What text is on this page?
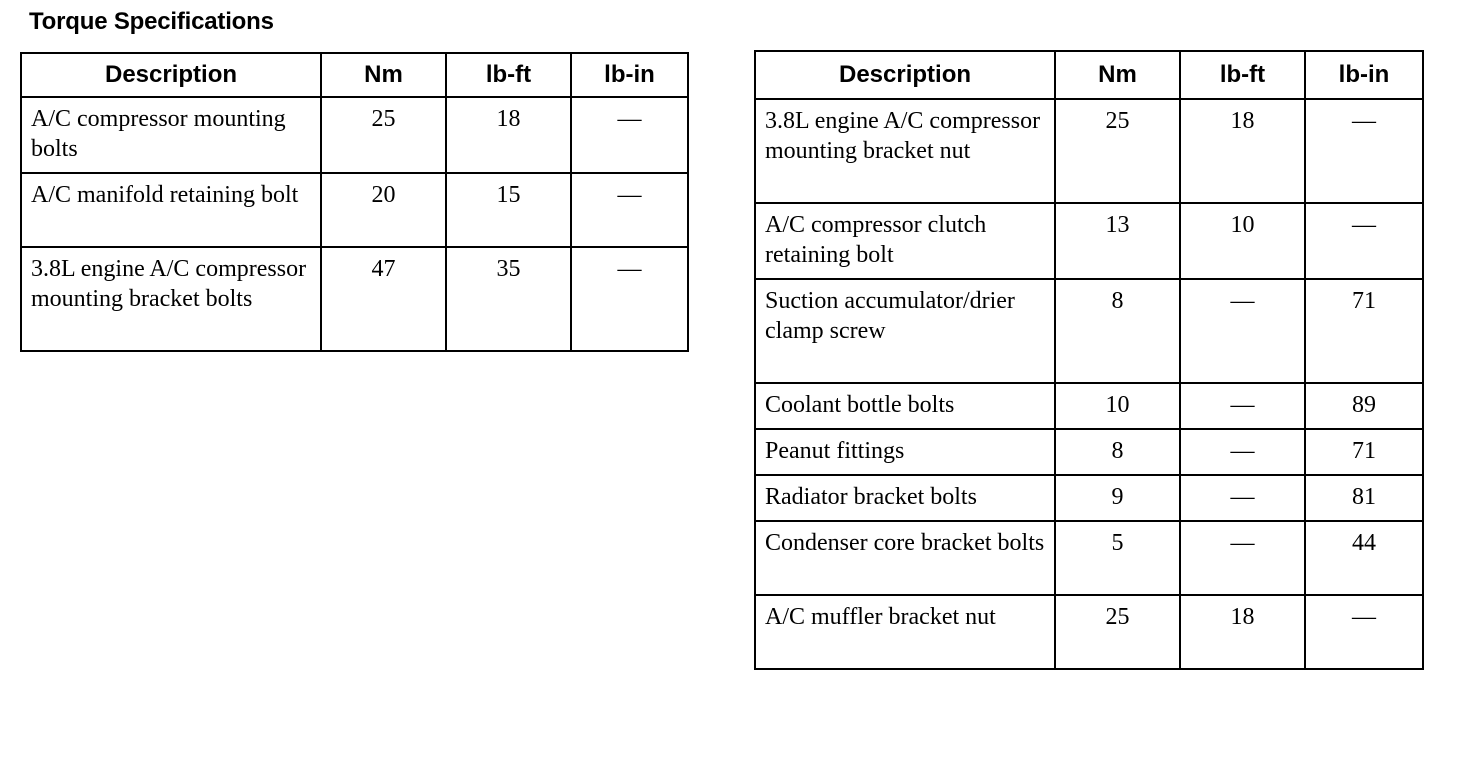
Torque Specifications
Description	Nm	lb-ft	lb-in
A/C compressor mounting bolts	25	18	—
A/C manifold retaining bolt	20	15	—
3.8L engine A/C compressor mounting bracket bolts	47	35	—
Description	Nm	lb-ft	lb-in
3.8L engine A/C compressor mounting bracket nut	25	18	—
A/C compressor clutch retaining bolt	13	10	—
Suction accumulator/drier clamp screw	8	—	71
Coolant bottle bolts	10	—	89
Peanut fittings	8	—	71
Radiator bracket bolts	9	—	81
Condenser core bracket bolts	5	—	44
A/C muffler bracket nut	25	18	—
